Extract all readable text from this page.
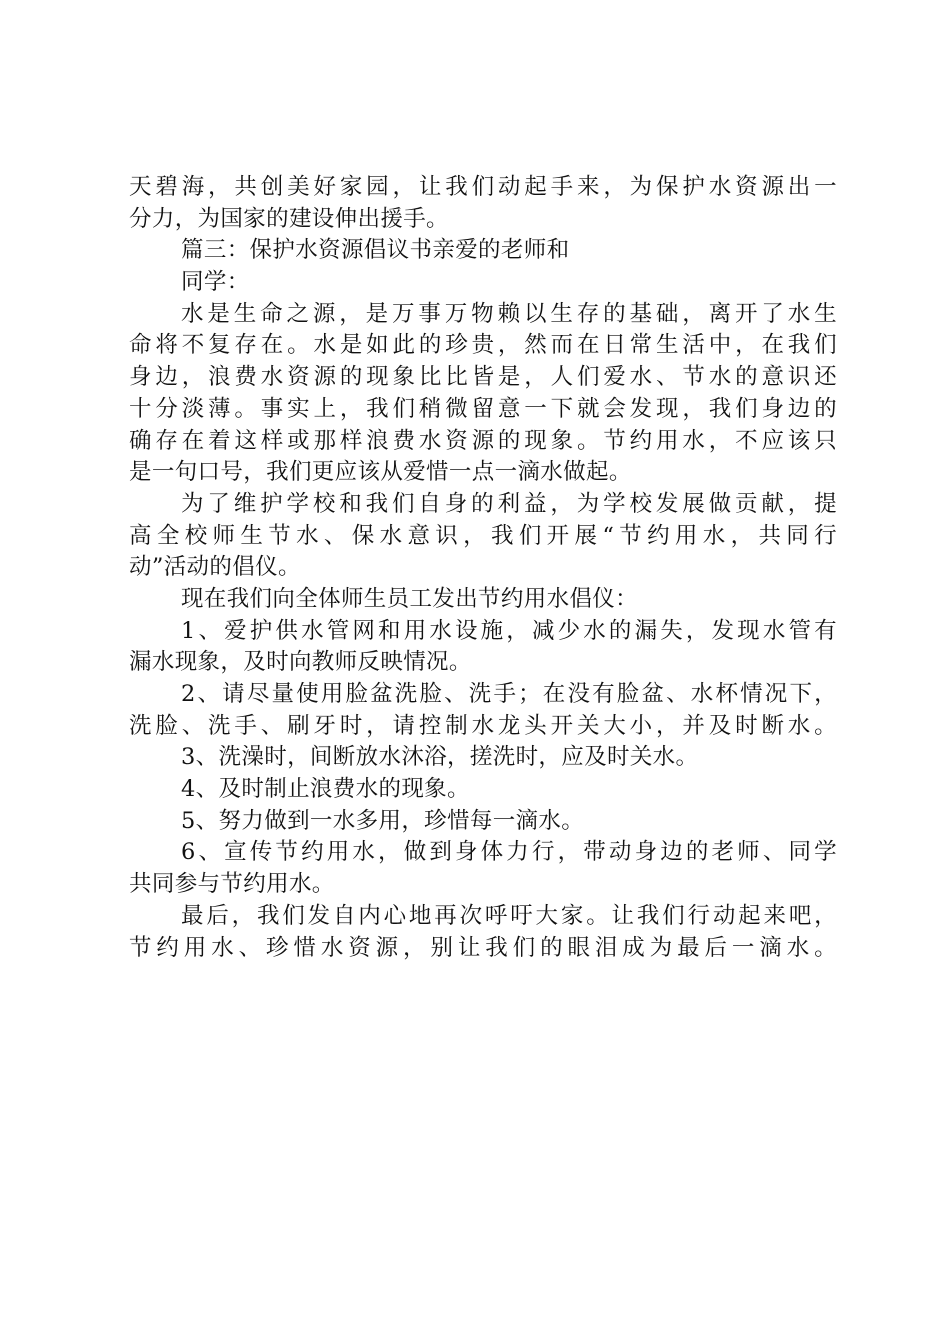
天碧海，共创美好家园，让我们动起手来，为保护水资源出一
分力，为国家的建设伸出援手。
篇三：保护水资源倡议书亲爱的老师和
同学：
水是生命之源，是万事万物赖以生存的基础，离开了水生
命将不复存在。水是如此的珍贵，然而在日常生活中，在我们
身边，浪费水资源的现象比比皆是，人们爱水、节水的意识还
十分淡薄。事实上，我们稍微留意一下就会发现，我们身边的
确存在着这样或那样浪费水资源的现象。节约用水，不应该只
是一句口号，我们更应该从爱惜一点一滴水做起。
为了维护学校和我们自身的利益，为学校发展做贡献，提
高全校师生节水、保水意识，我们开展“节约用水，共同行
动”活动的倡仪。
现在我们向全体师生员工发出节约用水倡仪：
1、爱护供水管网和用水设施，减少水的漏失，发现水管有
漏水现象，及时向教师反映情况。
2、请尽量使用脸盆洗脸、洗手；在没有脸盆、水杯情况下，
洗脸、洗手、刷牙时，请控制水龙头开关大小，并及时断水。
3、洗澡时，间断放水沐浴，搓洗时，应及时关水。
4、及时制止浪费水的现象。
5、努力做到一水多用，珍惜每一滴水。
6、宣传节约用水，做到身体力行，带动身边的老师、同学
共同参与节约用水。
最后，我们发自内心地再次呼吁大家。让我们行动起来吧，
节约用水、珍惜水资源，别让我们的眼泪成为最后一滴水。
